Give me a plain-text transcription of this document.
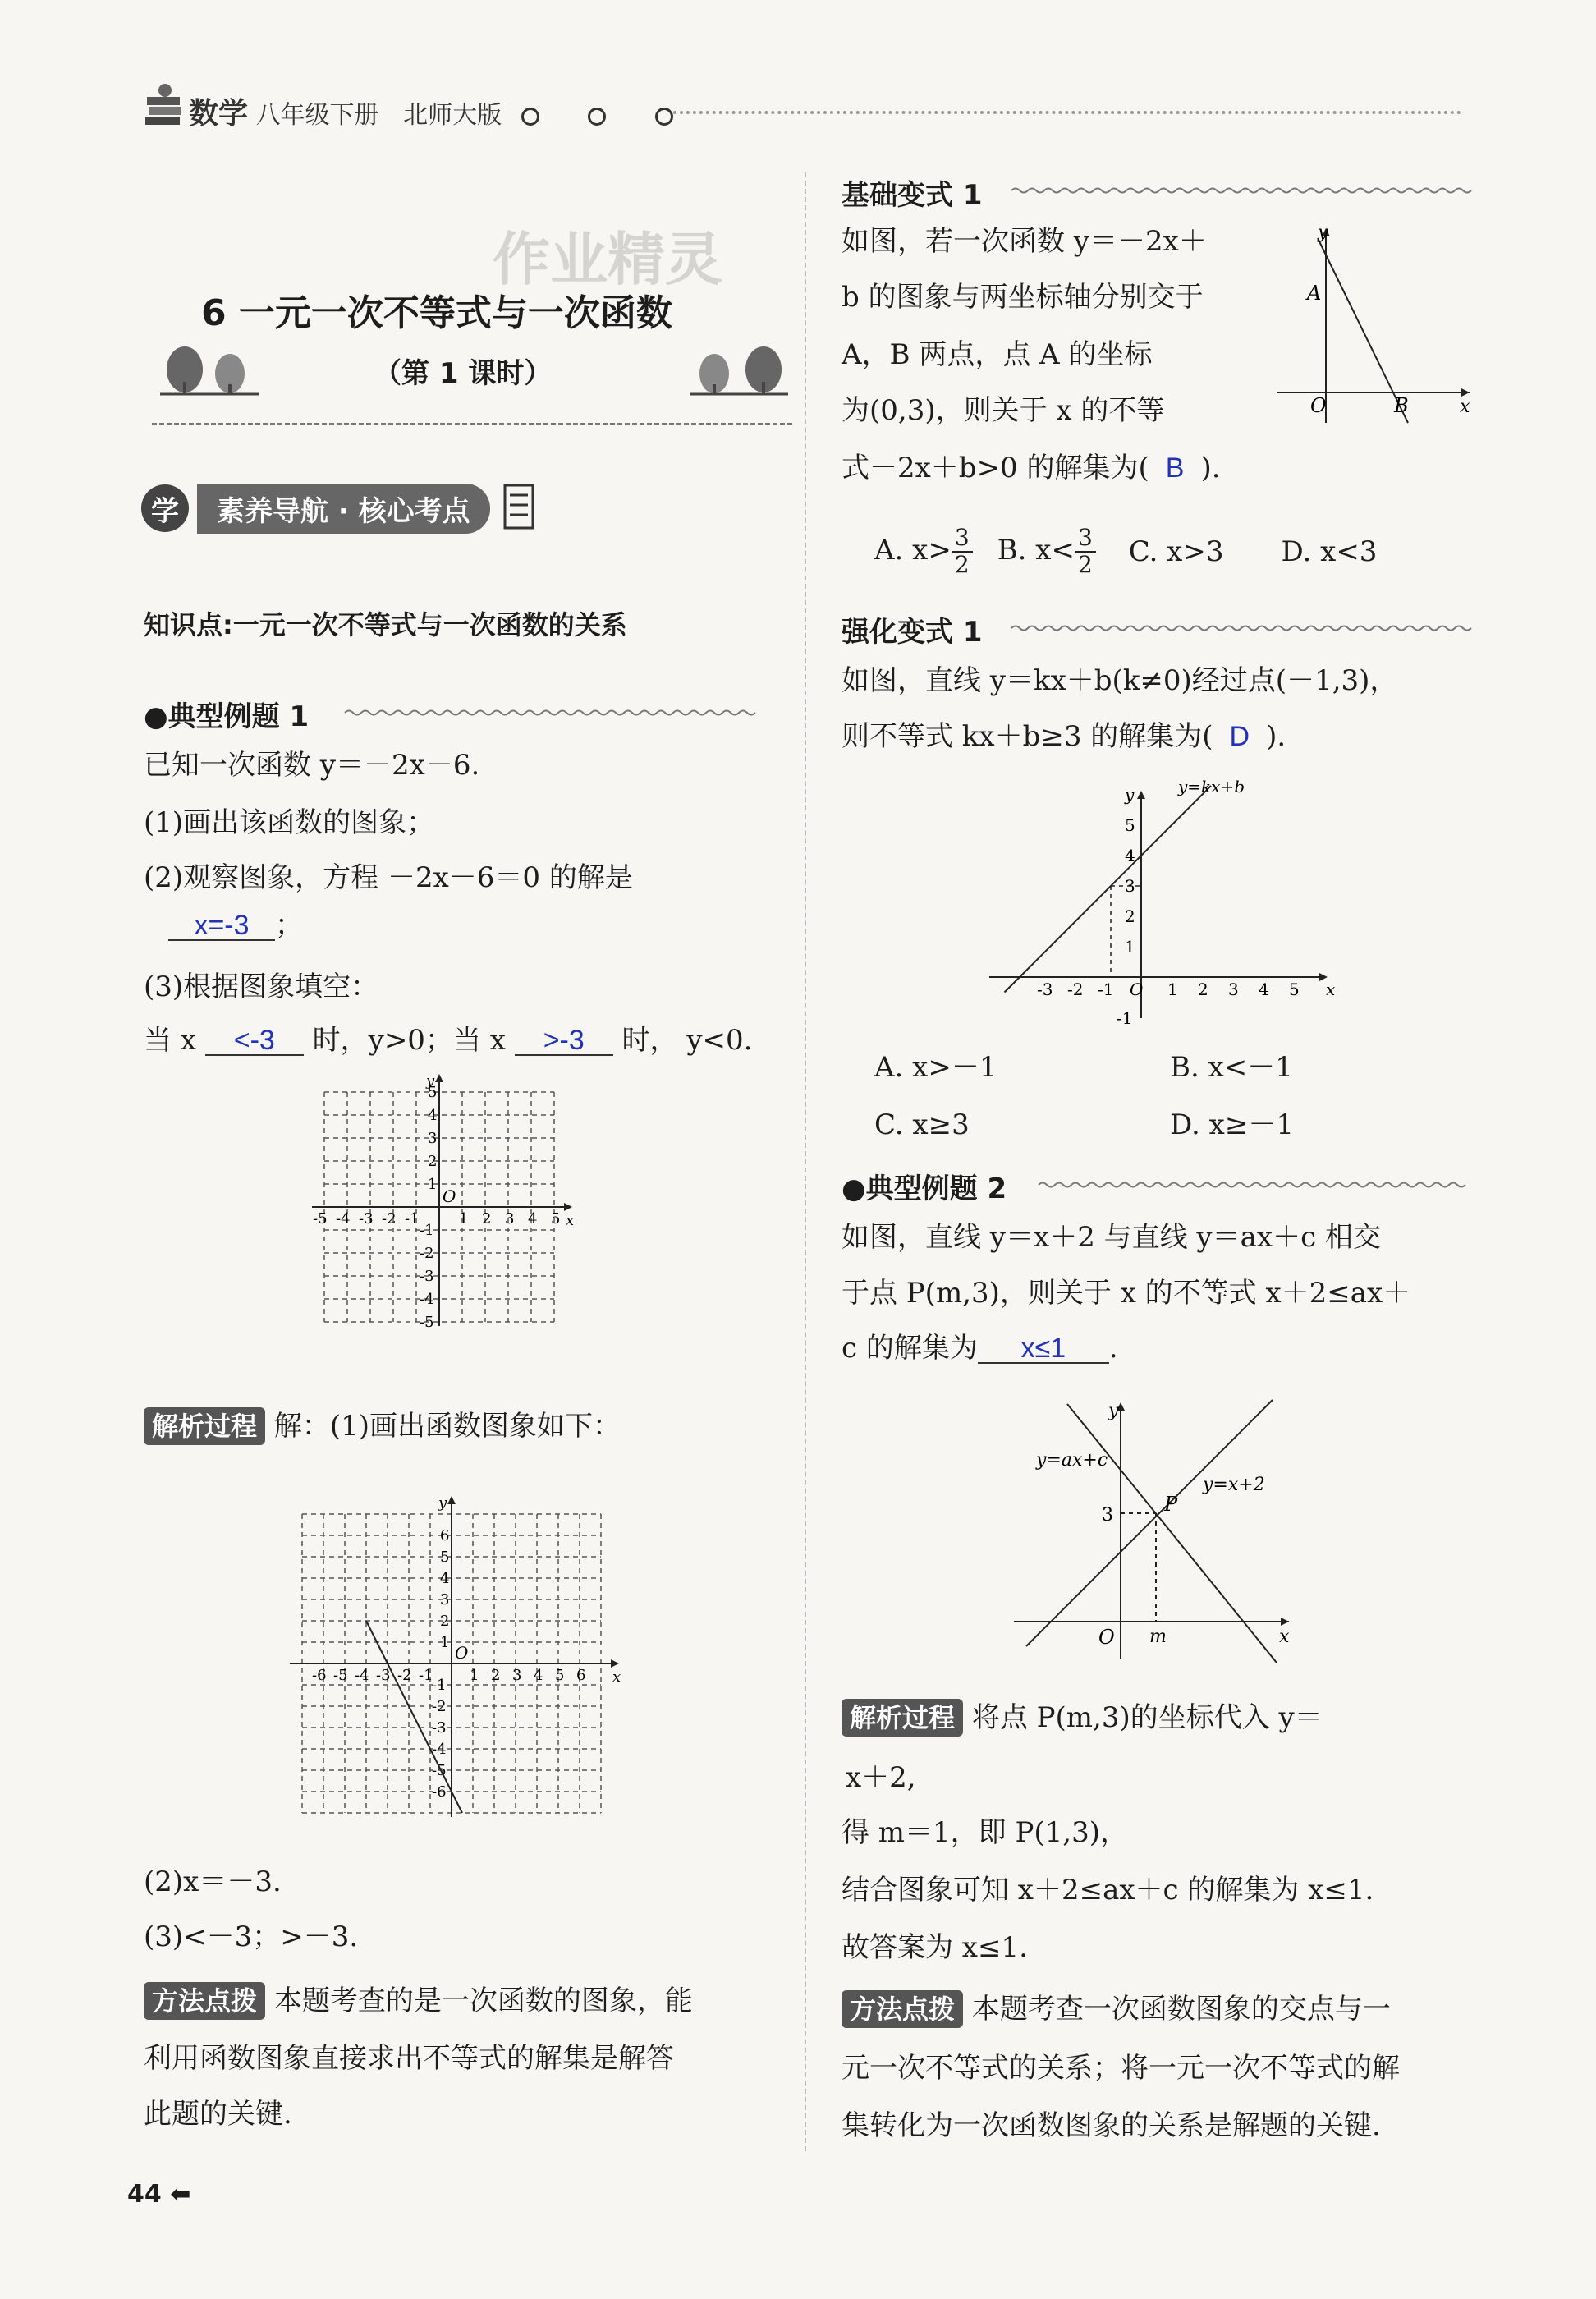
数学 八年级下册 北师大版
作业精灵
6 一元一次不等式与一次函数
（第 1 课时）
学	素养导航 · 核心考点
知识点:一元一次不等式与一次函数的关系
●典型例题 1
已知一次函数 y＝－2x－6.
(1)画出该函数的图象；
(2)观察图象，方程 －2x－6＝0 的解是
x=-3 ；
(3)根据图象填空：
当 x <-3 时，y>0；当 x >-3 时， y<0.
y
x
O
-5
-5
-4
-4
-3
-3
-2
-2
-1
-1
1
1
2
2
3
3
4
4
5
5
解析过程 解：(1)画出函数图象如下：
y
x
O
-6
-6
-5
-5
-4
-4
-3
-3
-2
-2
-1
-1
1
1
2
2
3
3
4
4
5
5
6
6
(2)x＝－3.
(3)<－3；>－3.
方法点拨 本题考查的是一次函数的图象，能
利用函数图象直接求出不等式的解集是解答
此题的关键.
44 ⬅
基础变式 1
如图，若一次函数 y＝－2x＋
b 的图象与两坐标轴分别交于
A，B 两点，点 A 的坐标
为(0,3)，则关于 x 的不等
式－2x＋b>0 的解集为( B ).
y
A
O	B	x
A. $x> \frac{3}{2} B$. $x< \frac{3}{2} C$. x>3 D. x<3
强化变式 1
如图，直线 y＝kx＋b(k≠0)经过点(－1,3)，
则不等式 kx＋b≥3 的解集为( D ).
y=kx+b
y
x
O
5
4
3
2
1
-1
-3 -2 -1	1 2 3 4 5
A. x>－1	B. x<－1
C. x≥3	D. x≥－1
●典型例题 2
如图，直线 y＝x＋2 与直线 y＝ax＋c 相交
于点 P(m,3)，则关于 x 的不等式 x＋2≤ax＋
c 的解集为 x≤1 .
y
y=ax+c
y=x+2
P
3
O m	x
解析过程 将点 P(m,3)的坐标代入 y＝
x＋2,
得 m＝1，即 P(1,3)，
结合图象可知 x＋2≤ax＋c 的解集为 x≤1.
故答案为 x≤1.
方法点拨 本题考查一次函数图象的交点与一
元一次不等式的关系；将一元一次不等式的解
集转化为一次函数图象的关系是解题的关键.
